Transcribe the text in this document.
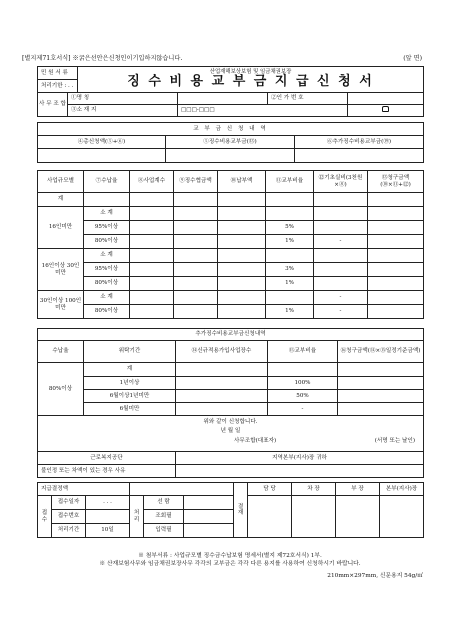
[별지제71호서식] ※굵은선안은신청인이기입하지않습니다.	(앞 면)
민 원 서 류		산업재해보상보험 및 임금채권보장
징 수 비 용 교 부 금 지 급 신 청 서			

처리기한 : . .					
사 무 조 합	①명 칭			②인 가 번 호	
	③소 재 지		□□□-□□□		
교 부 금 신 청 내 역		
④총신청액(⑤+⑥)	⑤징수비용교부금(⑬)	⑥추가징수비용교부금(⑲)

사업규모별	⑦수납율	⑧사업계수	⑨징수협금액	⑩납부액	⑪교부비율	⑫기초실비(3천원×⑧)	⑬청구금액(⑩×⑪+⑫)
계							
16인미만	소 계						
	95%이상				5%		
	80%이상				1%	-	
16인이상 30인미만	소 계						
	95%이상				3%		
	80%이상				1%		
30인이상 100인미만	소 계					-	
	80%이상				1%	-	
추가징수비용교부금신청내역				
수납율	위탁기간	⑭신규적용가입사업장수	⑮교부비율	⑯청구금액(⑭×⑮일정기준금액)
80%이상	계			
	1년이상		100%	
	6월이상1년미만		50%	
	6월미만		-	

위와 같이 신청합니다.
년 월 일
사무조합(대표자) (서명 또는 날인)				

근로복지공단		지역본부(지사)장 귀하		
불인정 또는 차액이 있는 경우 사유				
지급결정액						결 재	담 당	차 장	부 장	본부(지사)장
접 수	접수일자	. . .	처 리	선 람						
	접수번호			조회필						
	처리기간	10일		입력필						
※ 첨부서류 : 사업규모별 징수금수납보험 명세서(별지 제72호서식) 1부.
※ 산재보험사무와 임금채권보장사무 각각의 교부금은 각각 다른 용지를 사용하여 신청하시기 바랍니다.
210mm×297mm, 신문용지 54g/㎡
